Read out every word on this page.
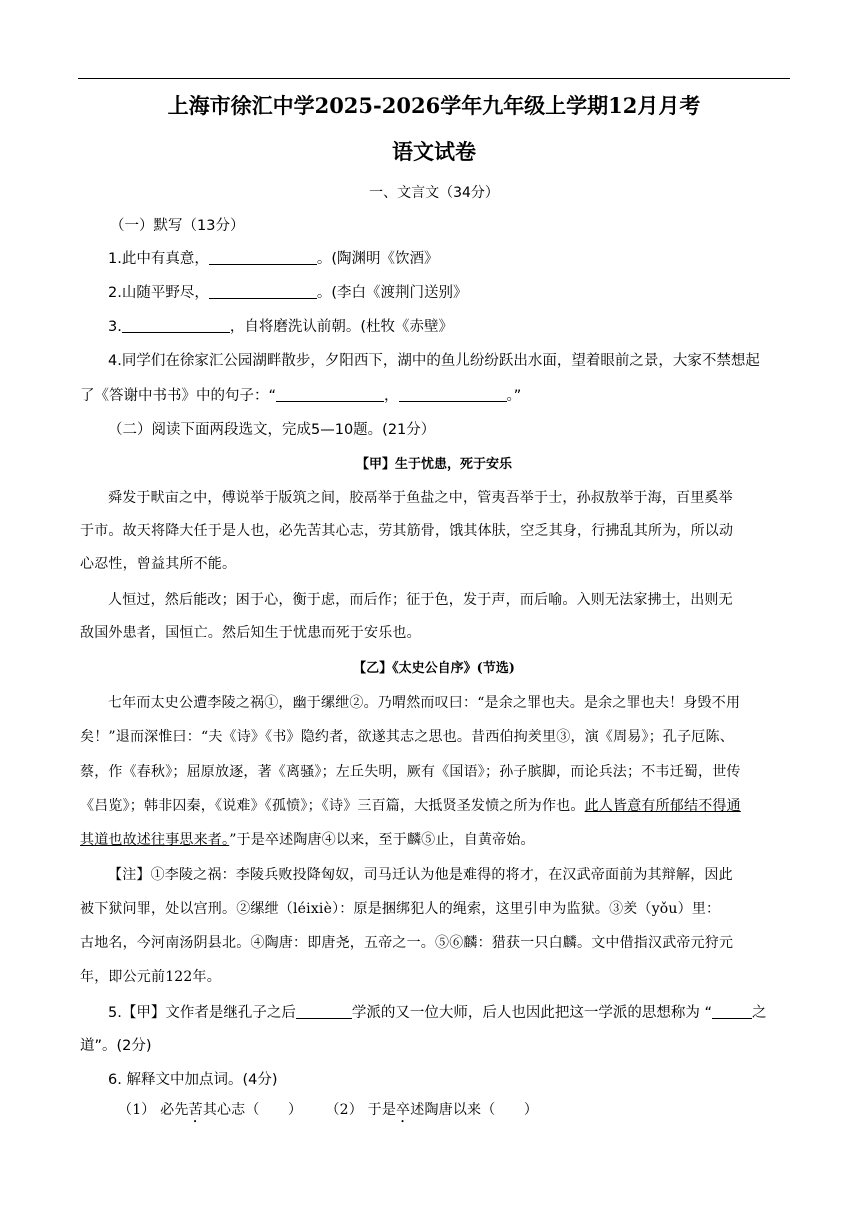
上海市徐汇中学2025-2026学年九年级上学期12月月考
语文试卷
一、文言文（34分）
（一）默写（13分）
1.此中有真意，	。(陶渊明《饮酒》
2.山随平野尽，	。(李白《渡荆门送别》
3.	，自将磨洗认前朝。(杜牧《赤壁》
4.同学们在徐家汇公园湖畔散步，夕阳西下，湖中的鱼儿纷纷跃出水面，望着眼前之景，大家不禁想起
了《答谢中书书》中的句子：“	，	。”
（二）阅读下面两段选文，完成5—10题。(21分）
【甲】生于忧患，死于安乐
舜发于畎亩之中，傅说举于版筑之间，胶鬲举于鱼盐之中，管夷吾举于士，孙叔敖举于海，百里奚举
于市。故天将降大任于是人也，必先苦其心志，劳其筋骨，饿其体肤，空乏其身，行拂乱其所为，所以动
心忍性，曾益其所不能。
人恒过，然后能改；困于心，衡于虑，而后作；征于色，发于声，而后喻。入则无法家拂士，出则无
敌国外患者，国恒亡。然后知生于忧患而死于安乐也。
【乙】《太史公自序》(节选)
七年而太史公遭李陵之祸①，幽于缧绁②。乃喟然而叹曰：“是余之罪也夫。是余之罪也夫！身毁不用
矣！”退而深惟曰：“夫《诗》《书》隐约者，欲遂其志之思也。昔西伯拘羑里③，演《周易》；孔子厄陈、
蔡，作《春秋》；屈原放逐，著《离骚》；左丘失明，厥有《国语》；孙子膑脚，而论兵法；不韦迁蜀，世传
《吕览》；韩非囚秦，《说难》《孤愤》；《诗》三百篇，大抵贤圣发愤之所为作也。此人皆意有所郁结不得通
其道也故述往事思来者。”于是卒述陶唐④以来，至于麟⑤止，自黄帝始。
【注】①李陵之祸：李陵兵败投降匈奴，司马迁认为他是难得的将才，在汉武帝面前为其辩解，因此
被下狱问罪，处以宫刑。②缧绁（léixiè）：原是捆绑犯人的绳索，这里引申为监狱。③羑（yǒu）里：
古地名，今河南汤阴县北。④陶唐：即唐尧，五帝之一。⑤⑥麟：猎获一只白麟。文中借指汉武帝元狩元
年，即公元前122年。
5.【甲】文作者是继孔子之后	学派的又一位大师，后人也因此把这一学派的思想称为 “	之
道”。(2分)
6. 解释文中加点词。(4分)
（1） 必先苦其心志（　　） （2） 于是卒述陶唐以来（　　）
